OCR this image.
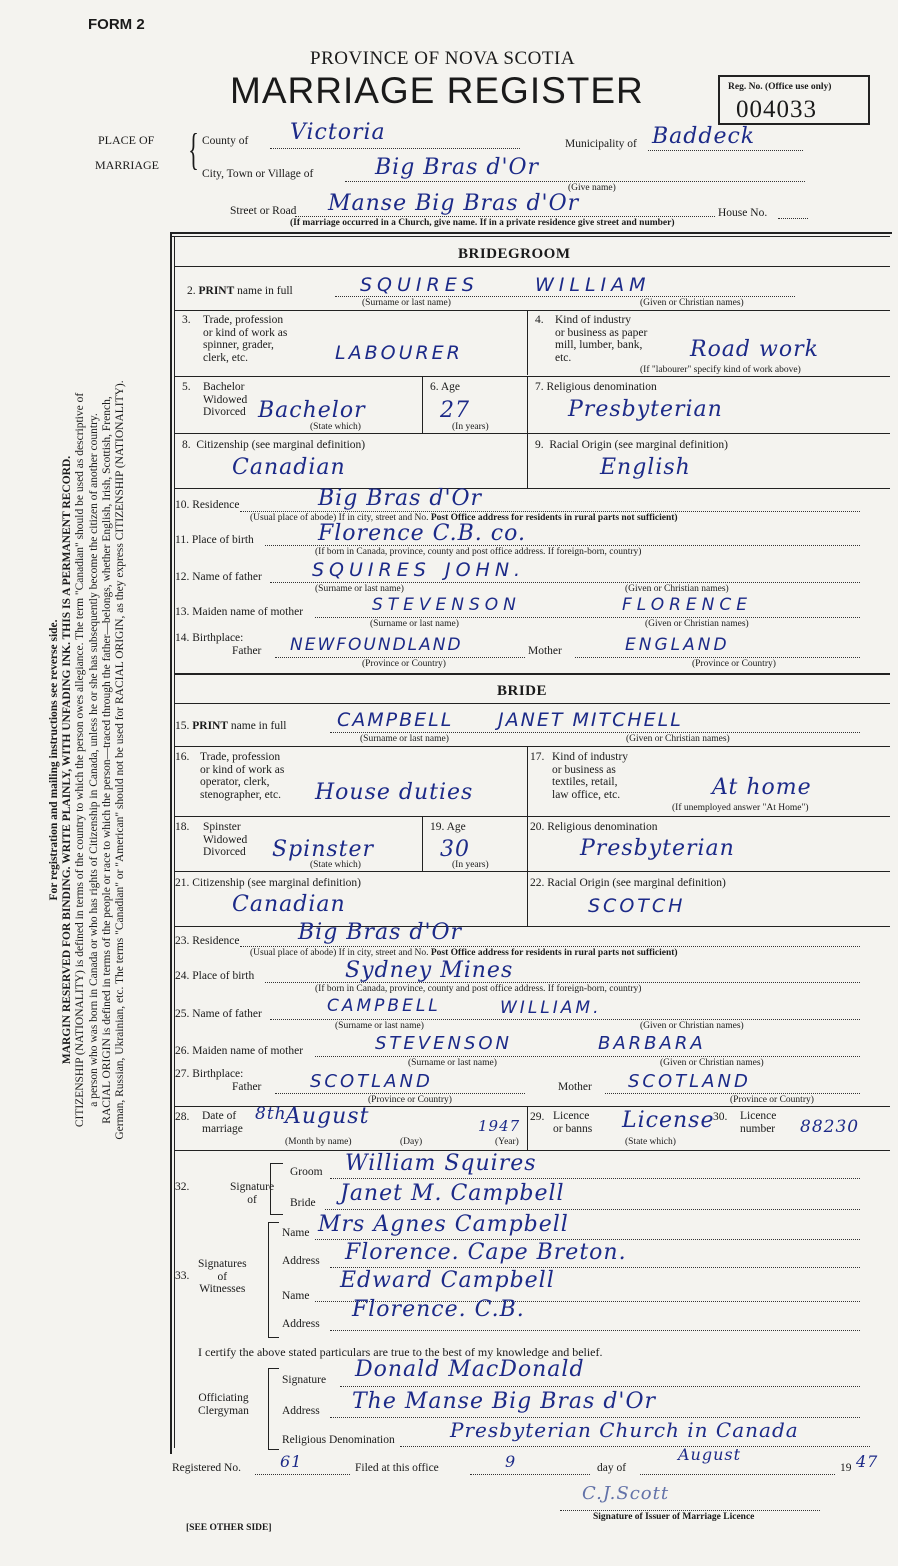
FORM 2
PROVINCE OF NOVA SCOTIA
MARRIAGE REGISTER	Reg. No. (Office use only)
004033
For registration and mailing instructions see reverse side. MARGIN RESERVED FOR BINDING. WRITE PLAINLY, WITH UNFADING INK. THIS IS A PERMANENT RECORD. CITIZENSHIP (NATIONALITY) is defined in terms of the country to which the person owes allegiance. The term "Canadian" should be used as descriptive of a person who was born in Canada or who has rights of Citizenship in Canada, unless he or she has subsequently become the citizen of another country. RACIAL ORIGIN is defined in terms of the people or race to which the person—traced through the father—belongs, whether English, Irish, Scottish, French, German, Russian, Ukrainian, etc. The terms "Canadian" or "American" should not be used for RACIAL ORIGIN, as they express CITIZENSHIP (NATIONALITY).
PLACE OF
MARRIAGE { County of Victoria	Municipality of Baddeck
City, Town or Village of	Big Bras d'Or
(Give name)
Street or Road Manse Big Bras d'Or	House No.
(If marriage occurred in a Church, give name. If in a private residence give street and number)
BRIDEGROOM
2. PRINT name in full	SQUIRES	WILLIAM
(Surname or last name)	(Given or Christian names)
3. Trade, profession
or kind of work as
spinner, grader,
clerk, etc.	LABOURER
4. Kind of industry
or business as paper
mill, lumber, bank,
etc.	Road work
(If "labourer" specify kind of work above)
5. Bachelor
Widowed
Divorced Bachelor
(State which)
6. Age
27
(In years)
7. Religious denomination
Presbyterian
8.  Citizenship (see marginal definition)
Canadian
9.  Racial Origin (see marginal definition)
English
10. Residence	Big Bras d'Or
(Usual place of abode) If in city, street and No. Post Office address for residents in rural parts not sufficient)
11. Place of birth	Florence C.B. co.
(If born in Canada, province, county and post office address. If foreign-born, country)
12. Name of father	SQUIRES JOHN.
(Surname or last name)	(Given or Christian names)
13. Maiden name of mother	STEVENSON	FLORENCE
(Surname or last name)	(Given or Christian names)
14. Birthplace:
Father NEWFOUNDLAND	Mother	ENGLAND
(Province or Country)	(Province or Country)
BRIDE
15. PRINT name in full	CAMPBELL JANET MITCHELL
(Surname or last name)	(Given or Christian names)
16. Trade, profession
or kind of work as
operator, clerk,
stenographer, etc. House duties
17. Kind of industry
or business as
textiles, retail,
law office, etc.	At home
(If unemployed answer "At Home")
18. Spinster
Widowed
Divorced Spinster
(State which)
19. Age
30
(In years)
20. Religious denomination
Presbyterian
21. Citizenship (see marginal definition)
Canadian
22. Racial Origin (see marginal definition)
SCOTCH
23. Residence	Big Bras d'Or
(Usual place of abode) If in city, street and No. Post Office address for residents in rural parts not sufficient)
24. Place of birth	Sydney Mines
(If born in Canada, province, county and post office address. If foreign-born, country)
25. Name of father	CAMPBELL	WILLIAM.
(Surname or last name)	(Given or Christian names)
26. Maiden name of mother	STEVENSON	BARBARA
(Surname or last name)	(Given or Christian names)
27. Birthplace:
Father	SCOTLAND	Mother SCOTLAND
(Province or Country)	(Province or Country)
28. Date of
marriage
8th
August	1947
(Month by name)	(Day)	(Year)
29. Licence
or banns License
(State which)
30. Licence
number 88230
32.	Signature
of
Groom William Squires
Bride Janet M. Campbell
33.
Signatures
of
Witnesses
Name Mrs Agnes Campbell
Address Florence. Cape Breton.
Name
Edward Campbell
Address
Florence. C.B.
I certify the above stated particulars are true to the best of my knowledge and belief.
Officiating
Clergyman
Signature Donald MacDonald
Address The Manse Big Bras d'Or
Religious Denomination	Presbyterian Church in Canada
Registered No. 61	Filed at this office	9	day of
August
19 47
C.J.Scott
Signature of Issuer of Marriage Licence
[SEE OTHER SIDE]
